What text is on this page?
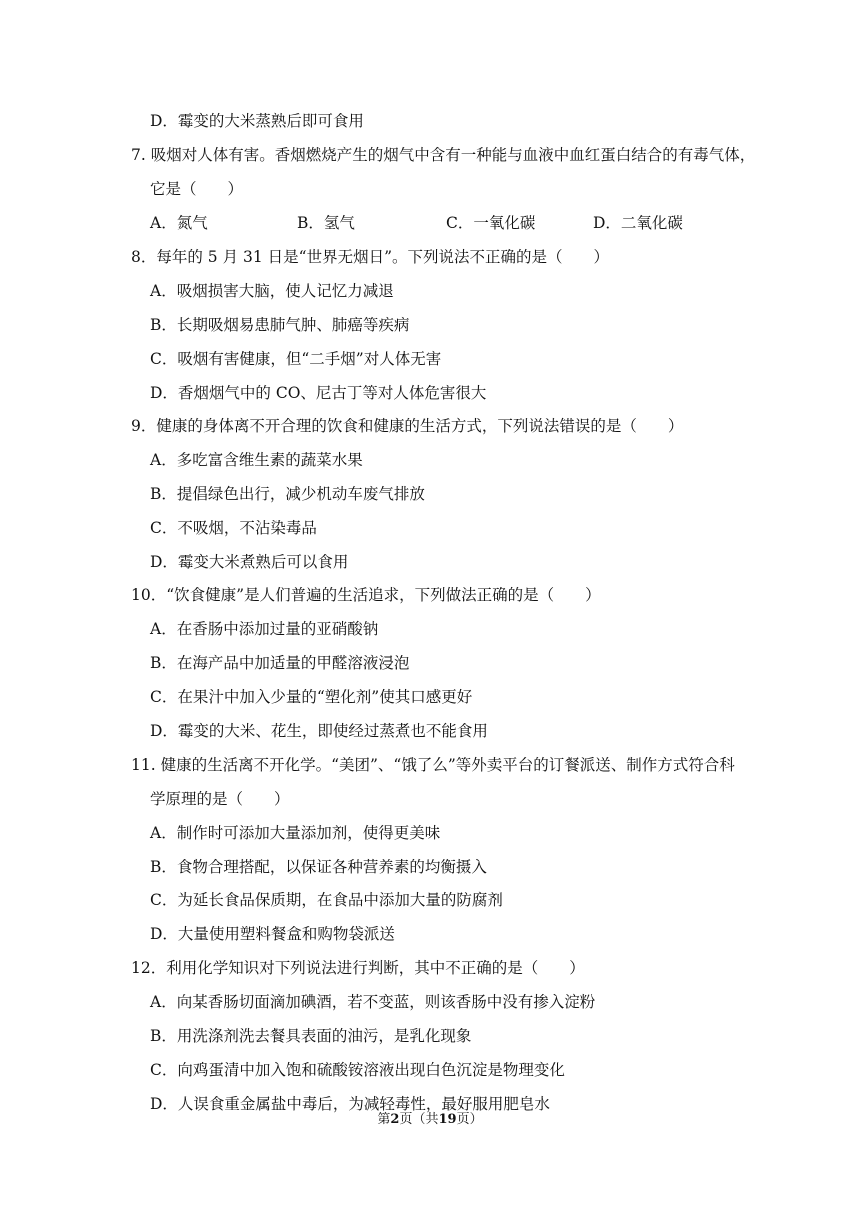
D．霉变的大米蒸熟后即可食用
7. 吸烟对人体有害。香烟燃烧产生的烟气中含有一种能与血液中血红蛋白结合的有毒气体，
它是（　　）
A．氮气	B．氢气	C．一氧化碳	D．二氧化碳
8．每年的 5 月 31 日是“世界无烟日”。下列说法不正确的是（　　）
A．吸烟损害大脑，使人记忆力减退
B．长期吸烟易患肺气肿、肺癌等疾病
C．吸烟有害健康，但“二手烟”对人体无害
D．香烟烟气中的 CO、尼古丁等对人体危害很大
9．健康的身体离不开合理的饮食和健康的生活方式，下列说法错误的是（　　）
A．多吃富含维生素的蔬菜水果
B．提倡绿色出行，减少机动车废气排放
C．不吸烟，不沾染毒品
D．霉变大米煮熟后可以食用
10．“饮食健康”是人们普遍的生活追求，下列做法正确的是（　　）
A．在香肠中添加过量的亚硝酸钠
B．在海产品中加适量的甲醛溶液浸泡
C．在果汁中加入少量的“塑化剂”使其口感更好
D．霉变的大米、花生，即使经过蒸煮也不能食用
11. 健康的生活离不开化学。“美团”、“饿了么”等外卖平台的订餐派送、制作方式符合科
学原理的是（　　）
A．制作时可添加大量添加剂，使得更美味
B．食物合理搭配，以保证各种营养素的均衡摄入
C．为延长食品保质期，在食品中添加大量的防腐剂
D．大量使用塑料餐盒和购物袋派送
12．利用化学知识对下列说法进行判断，其中不正确的是（　　）
A．向某香肠切面滴加碘酒，若不变蓝，则该香肠中没有掺入淀粉
B．用洗涤剂洗去餐具表面的油污，是乳化现象
C．向鸡蛋清中加入饱和硫酸铵溶液出现白色沉淀是物理变化
D．人误食重金属盐中毒后，为减轻毒性，最好服用肥皂水
第2页（共19页）
